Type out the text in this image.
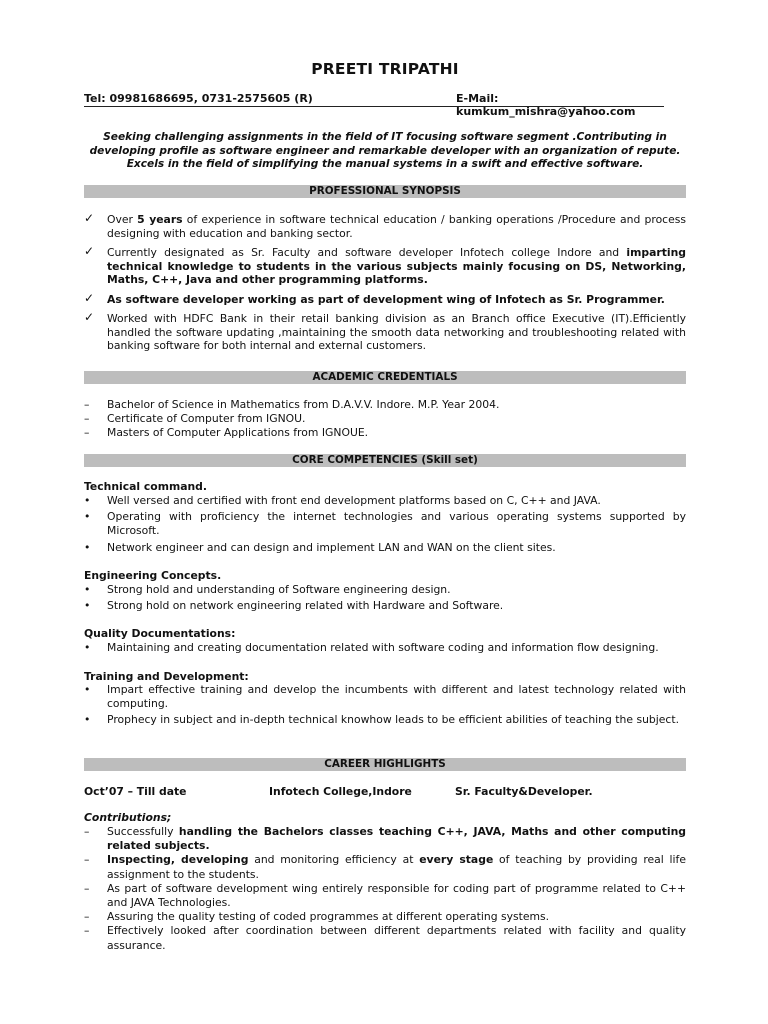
PREETI TRIPATHI
Tel: 09981686695, 0731-2575605 (R)	E-Mail: kumkum_mishra@yahoo.com
Seeking challenging assignments in the field of IT focusing software segment .Contributing in
developing profile as software engineer and remarkable developer with an organization of repute.
Excels in the field of simplifying the manual systems in a swift and effective software.
PROFESSIONAL SYNOPSIS
✓ Over 5 years of experience in software technical education / banking operations /Procedure and process designing with education and banking sector.
✓ Currently designated as Sr. Faculty and software developer Infotech college Indore and imparting technical knowledge to students in the various subjects mainly focusing on DS, Networking, Maths, C++, Java and other programming platforms.
✓ As software developer working as part of development wing of Infotech as Sr. Programmer.
✓ Worked with HDFC Bank in their retail banking division as an Branch office Executive (IT).Efficiently handled the software updating ,maintaining the smooth data networking and troubleshooting related with banking software for both internal and external customers.
ACADEMIC CREDENTIALS
– Bachelor of Science in Mathematics from D.A.V.V. Indore. M.P. Year 2004.
– Certificate of Computer from IGNOU.
– Masters of Computer Applications from IGNOUE.
CORE COMPETENCIES (Skill set)
Technical command.
• Well versed and certified with front end development platforms based on C, C++ and JAVA.
• Operating with proficiency the internet technologies and various operating systems supported by Microsoft.
• Network engineer and can design and implement LAN and WAN on the client sites.
Engineering Concepts.
• Strong hold and understanding of Software engineering design.
• Strong hold on network engineering related with Hardware and Software.
Quality Documentations:
• Maintaining and creating documentation related with software coding and information flow designing.
Training and Development:
• Impart effective training and develop the incumbents with different and latest technology related with computing.
• Prophecy in subject and in-depth technical knowhow leads to be efficient abilities of teaching the subject.
CAREER HIGHLIGHTS
Oct’07 – Till date	Infotech College,Indore	Sr. Faculty&Developer.
Contributions;
– Successfully handling the Bachelors classes teaching C++, JAVA, Maths and other computing related subjects.
– Inspecting, developing and monitoring efficiency at every stage of teaching by providing real life assignment to the students.
– As part of software development wing entirely responsible for coding part of programme related to C++ and JAVA Technologies.
– Assuring the quality testing of coded programmes at different operating systems.
– Effectively looked after coordination between different departments related with facility and quality assurance.
